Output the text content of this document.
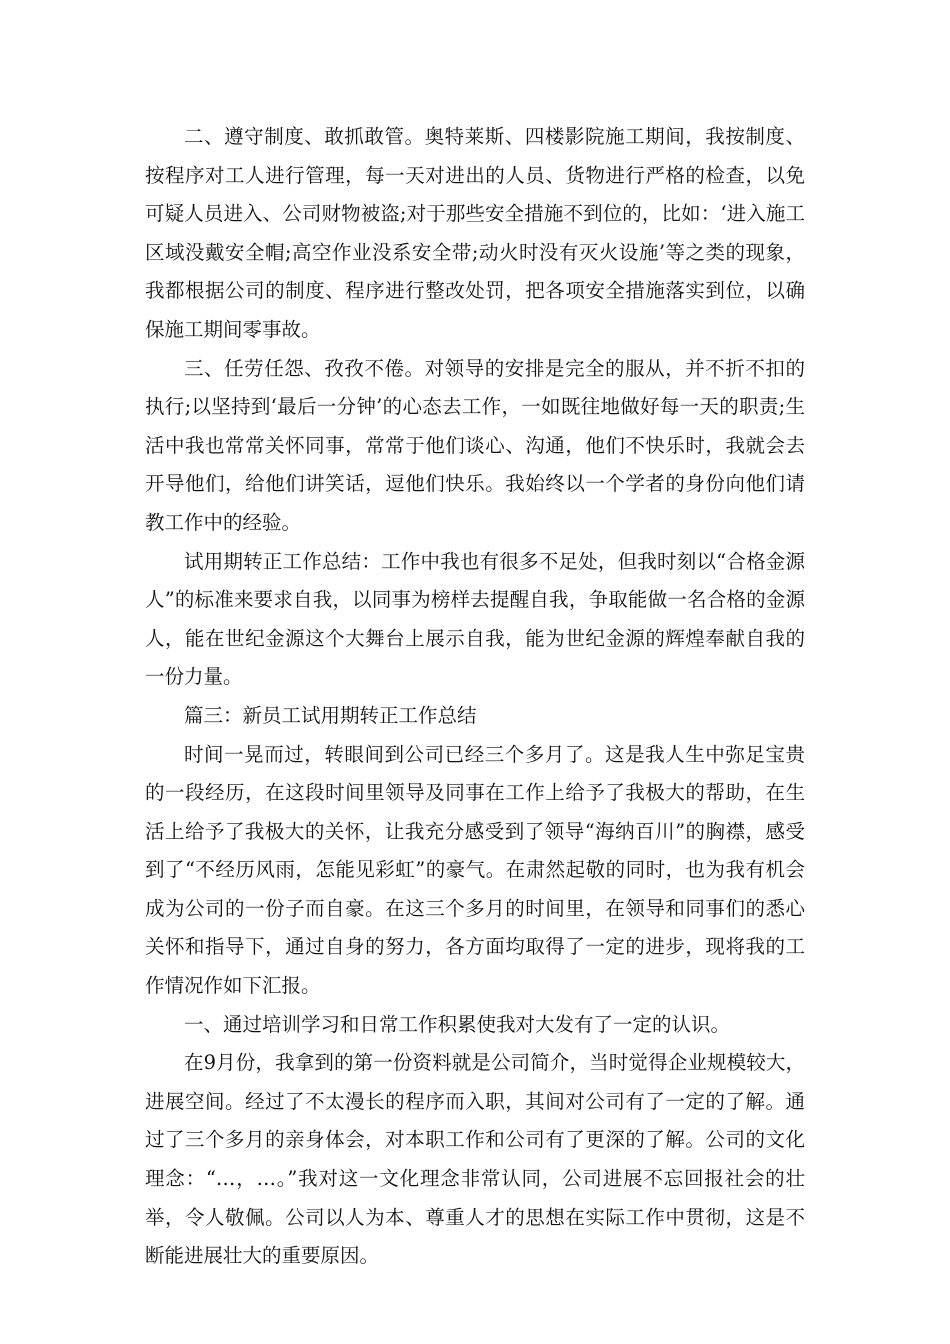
二、遵守制度、敢抓敢管。奥特莱斯、四楼影院施工期间，我按制度、按程序对工人进行管理，每一天对进出的人员、货物进行严格的检查，以免可疑人员进入、公司财物被盗;对于那些安全措施不到位的，比如：‘进入施工区域没戴安全帽;高空作业没系安全带;动火时没有灭火设施’等之类的现象，我都根据公司的制度、程序进行整改处罚，把各项安全措施落实到位，以确保施工期间零事故。

三、任劳任怨、孜孜不倦。对领导的安排是完全的服从，并不折不扣的执行;以坚持到‘最后一分钟’的心态去工作，一如既往地做好每一天的职责;生活中我也常常关怀同事，常常于他们谈心、沟通，他们不快乐时，我就会去开导他们，给他们讲笑话，逗他们快乐。我始终以一个学者的身份向他们请教工作中的经验。

试用期转正工作总结：工作中我也有很多不足处，但我时刻以“合格金源人”的标准来要求自我，以同事为榜样去提醒自我，争取能做一名合格的金源人，能在世纪金源这个大舞台上展示自我，能为世纪金源的辉煌奉献自我的一份力量。

篇三：新员工试用期转正工作总结

时间一晃而过，转眼间到公司已经三个多月了。这是我人生中弥足宝贵的一段经历，在这段时间里领导及同事在工作上给予了我极大的帮助，在生活上给予了我极大的关怀，让我充分感受到了领导“海纳百川”的胸襟，感受到了“不经历风雨，怎能见彩虹”的豪气。在肃然起敬的同时，也为我有机会成为公司的一份子而自豪。在这三个多月的时间里，在领导和同事们的悉心关怀和指导下，通过自身的努力，各方面均取得了一定的进步，现将我的工作情况作如下汇报。

一、通过培训学习和日常工作积累使我对大发有了一定的认识。

在9月份，我拿到的第一份资料就是公司简介，当时觉得企业规模较大，进展空间。经过了不太漫长的程序而入职，其间对公司有了一定的了解。通过了三个多月的亲身体会，对本职工作和公司有了更深的了解。公司的文化理念：“…，…。”我对这一文化理念非常认同，公司进展不忘回报社会的壮举，令人敬佩。公司以人为本、尊重人才的思想在实际工作中贯彻，这是不断能进展壮大的重要原因。
